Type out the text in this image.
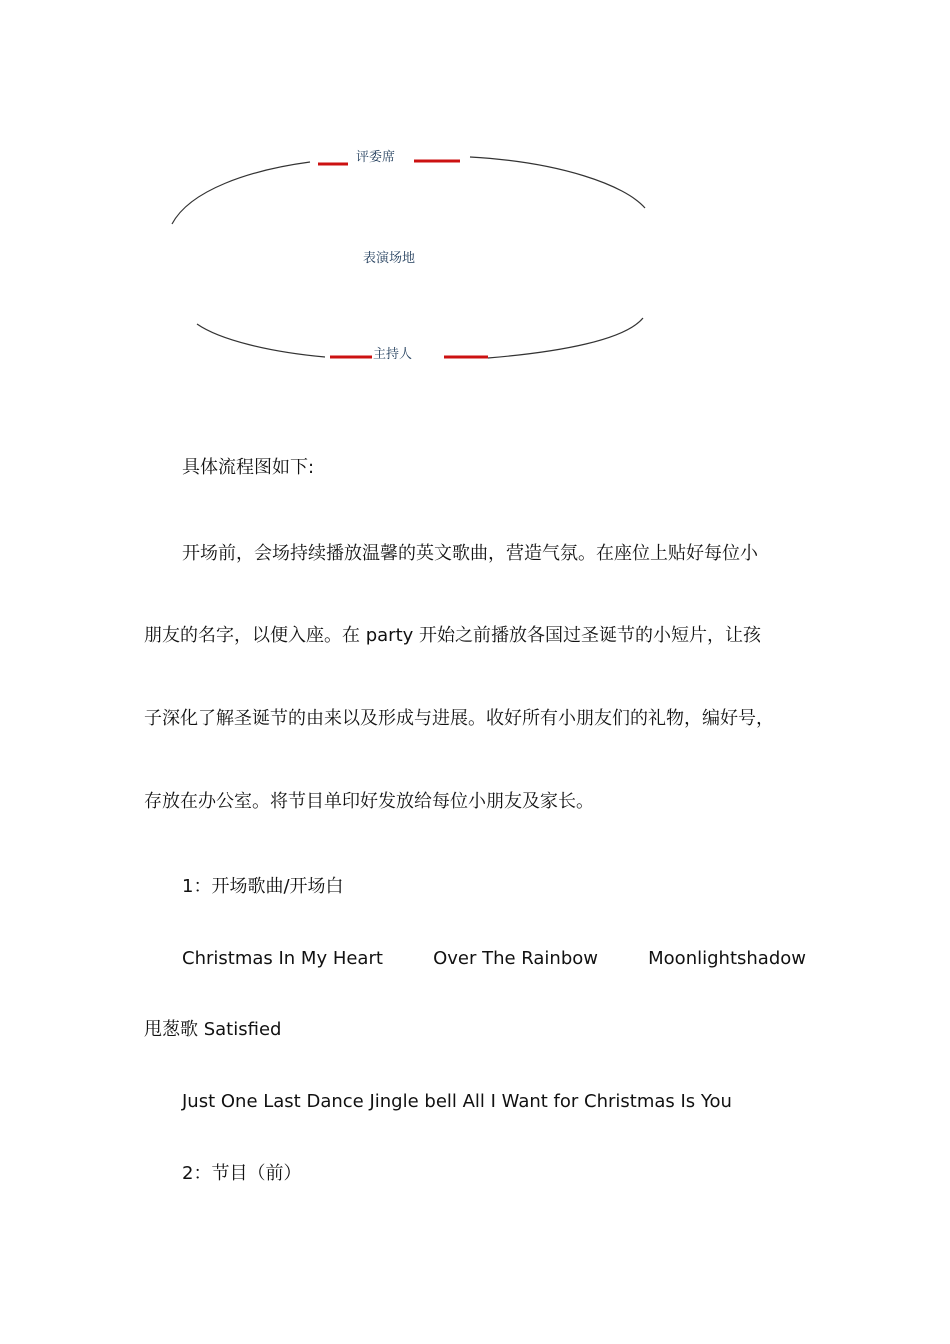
评委席
表演场地
主持人
具体流程图如下:
开场前，会场持续播放温馨的英文歌曲，营造气氛。在座位上贴好每位小
朋友的名字，以便入座。在 party 开始之前播放各国过圣诞节的小短片，让孩
子深化了解圣诞节的由来以及形成与进展。收好所有小朋友们的礼物，编好号，
存放在办公室。将节目单印好发放给每位小朋友及家长。
1：开场歌曲/开场白
Christmas In My Heart	Over The Rainbow	Moonlightshadow
甩葱歌 Satisfied
Just One Last Dance Jingle bell All I Want for Christmas Is You
2：节目（前）
